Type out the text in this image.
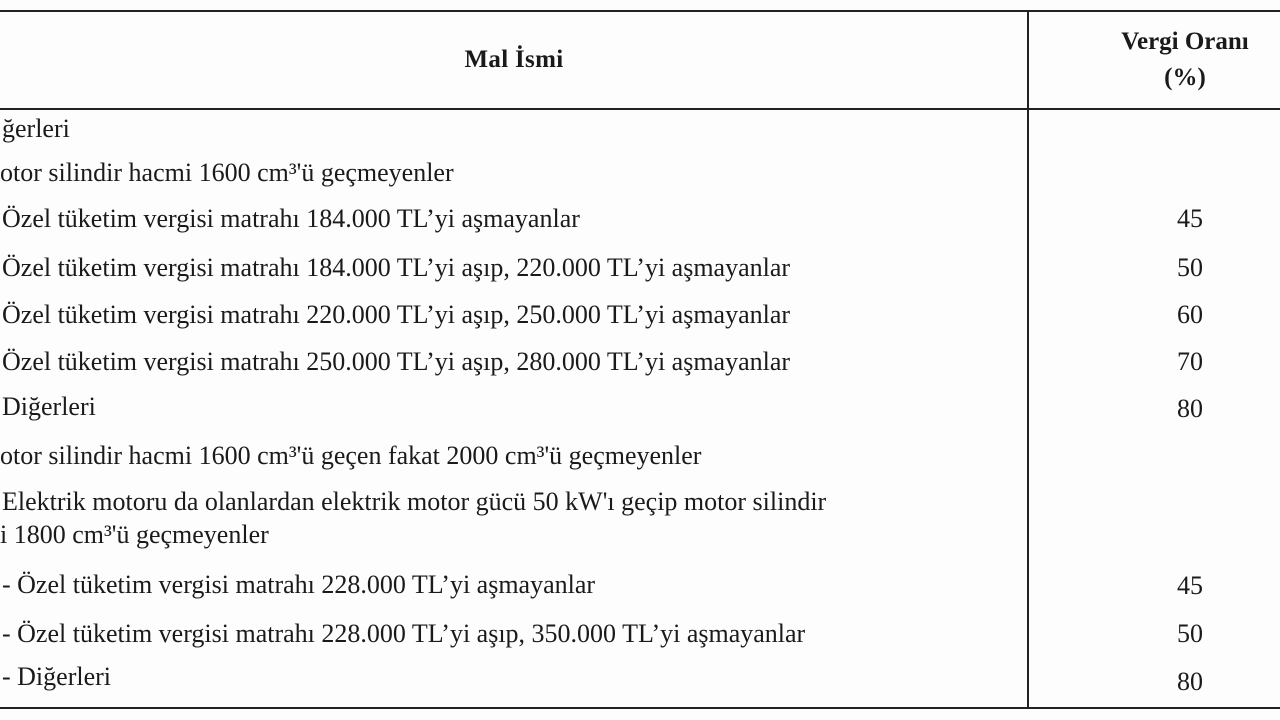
Mal İsmi
Vergi Oranı
(%)
ğerleri
otor silindir hacmi 1600 cm³'ü geçmeyenler
Özel tüketim vergisi matrahı 184.000 TL’yi aşmayanlar	45
Özel tüketim vergisi matrahı 184.000 TL’yi aşıp, 220.000 TL’yi aşmayanlar	50
Özel tüketim vergisi matrahı 220.000 TL’yi aşıp, 250.000 TL’yi aşmayanlar	60
Özel tüketim vergisi matrahı 250.000 TL’yi aşıp, 280.000 TL’yi aşmayanlar	70
Diğerleri	80
otor silindir hacmi 1600 cm³'ü geçen fakat 2000 cm³'ü geçmeyenler
Elektrik motoru da olanlardan elektrik motor gücü 50 kW'ı geçip motor silindir
i 1800 cm³'ü geçmeyenler
- Özel tüketim vergisi matrahı 228.000 TL’yi aşmayanlar	45
- Özel tüketim vergisi matrahı 228.000 TL’yi aşıp, 350.000 TL’yi aşmayanlar	50
- Diğerleri	80
